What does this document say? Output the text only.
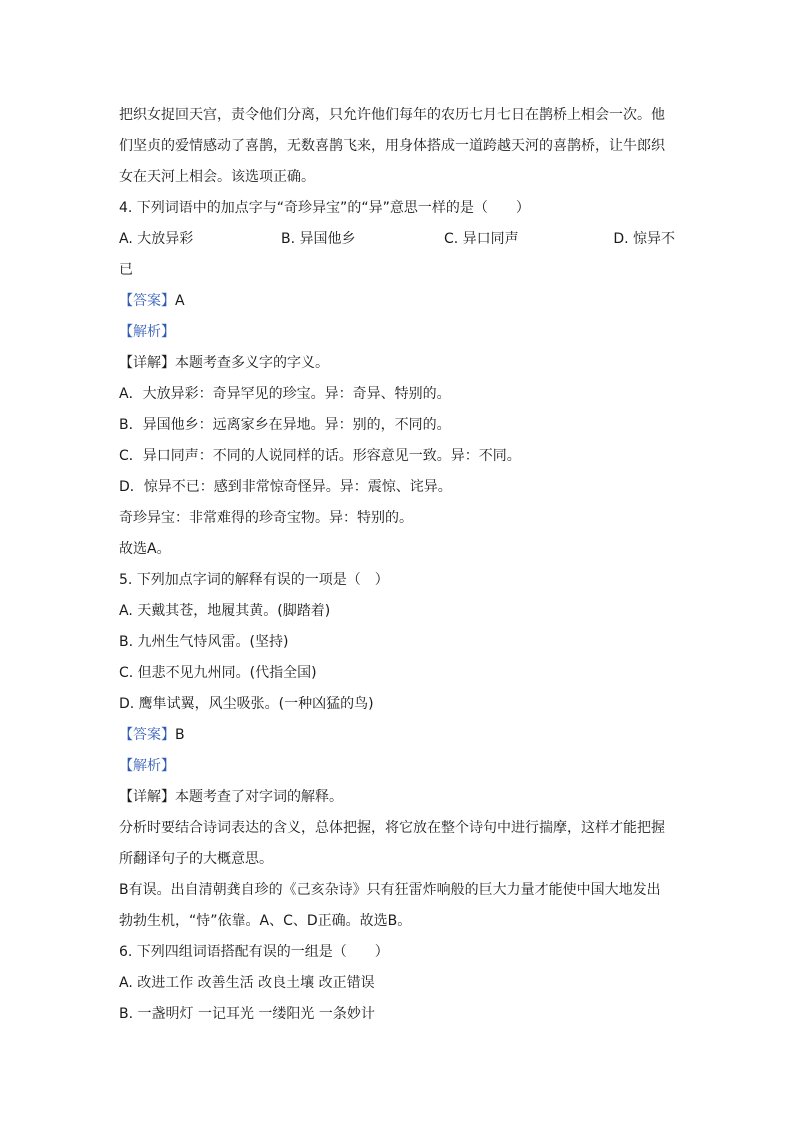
把织女捉回天宫，责令他们分离，只允许他们每年的农历七月七日在鹊桥上相会一次。他
们坚贞的爱情感动了喜鹊，无数喜鹊飞来，用身体搭成一道跨越天河的喜鹊桥，让牛郎织
女在天河上相会。该选项正确。
4. 下列词语中的加点字与“奇珍异宝”的“异”意思一样的是（　　）
A. 大放异彩	B. 异国他乡	C. 异口同声	D. 惊异不
已
【答案】A
【解析】
【详解】本题考查多义字的字义。
A．大放异彩：奇异罕见的珍宝。异：奇异、特别的。
B．异国他乡：远离家乡在异地。异：别的，不同的。
C．异口同声：不同的人说同样的话。形容意见一致。异：不同。
D．惊异不已：感到非常惊奇怪异。异：震惊、诧异。
奇珍异宝：非常难得的珍奇宝物。异：特别的。
故选A。
5. 下列加点字词的解释有误的一项是（　）
A. 天戴其苍，地履其黄。(脚踏着)
B. 九州生气恃风雷。(坚持)
C. 但悲不见九州同。(代指全国)
D. 鹰隼试翼，风尘吸张。(一种凶猛的鸟)
【答案】B
【解析】
【详解】本题考查了对字词的解释。
分析时要结合诗词表达的含义，总体把握，将它放在整个诗句中进行揣摩，这样才能把握
所翻译句子的大概意思。
B有误。出自清朝龚自珍的《己亥杂诗》只有狂雷炸响般的巨大力量才能使中国大地发出
勃勃生机，“恃”依靠。A、C、D正确。故选B。
6. 下列四组词语搭配有误的一组是（　　）
A. 改进工作 改善生活 改良土壤 改正错误
B. 一盏明灯 一记耳光 一缕阳光 一条妙计
